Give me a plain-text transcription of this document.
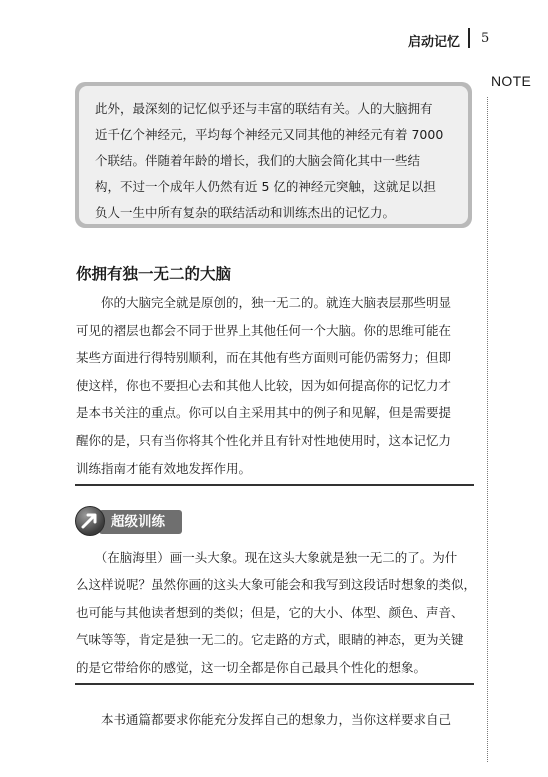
启动记忆 5
NOTE

此外，最深刻的记忆似乎还与丰富的联结有关。人的大脑拥有

近千亿个神经元，平均每个神经元又同其他的神经元有着 7000

个联结。伴随着年龄的增长，我们的大脑会简化其中一些结

构，不过一个成年人仍然有近 5 亿的神经元突触，这就足以担

负人一生中所有复杂的联结活动和训练杰出的记忆力。

你拥有独一无二的大脑

　　你的大脑完全就是原创的，独一无二的。就连大脑表层那些明显

可见的褶层也都会不同于世界上其他任何一个大脑。你的思维可能在

某些方面进行得特别顺利，而在其他有些方面则可能仍需努力；但即

使这样，你也不要担心去和其他人比较，因为如何提高你的记忆力才

是本书关注的重点。你可以自主采用其中的例子和见解，但是需要提

醒你的是，只有当你将其个性化并且有针对性地使用时，这本记忆力

训练指南才能有效地发挥作用。

超级训练

　　（在脑海里）画一头大象。现在这头大象就是独一无二的了。为什

么这样说呢？虽然你画的这头大象可能会和我写到这段话时想象的类似，

也可能与其他读者想到的类似；但是，它的大小、体型、颜色、声音、

气味等等，肯定是独一无二的。它走路的方式，眼睛的神态，更为关键

的是它带给你的感觉，这一切全都是你自己最具个性化的想象。

　　本书通篇都要求你能充分发挥自己的想象力，当你这样要求自己
